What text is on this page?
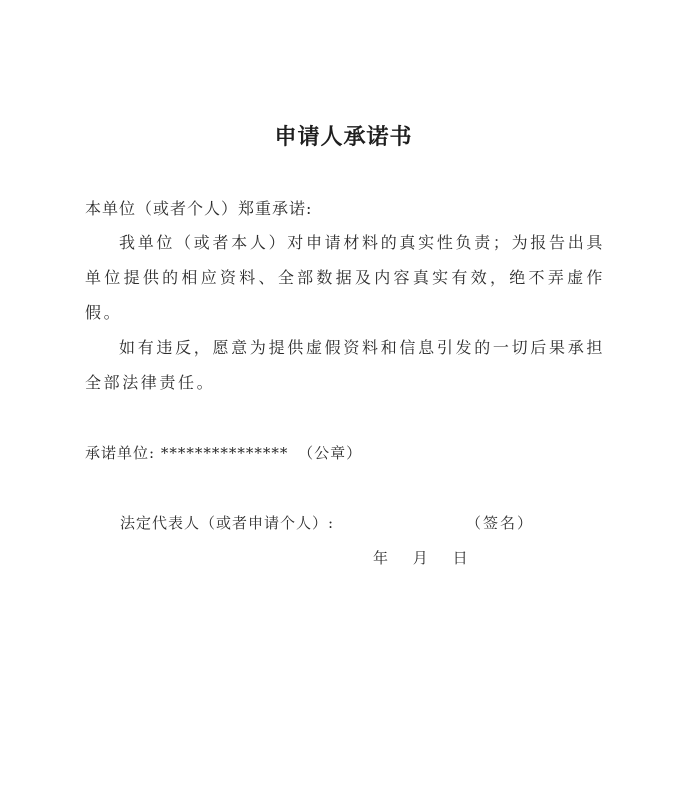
申请人承诺书
本单位（或者个人）郑重承诺:
我单位（或者本人）对申请材料的真实性负责；为报告出具单位提供的相应资料、全部数据及内容真实有效，绝不弄虚作假。
如有违反，愿意为提供虚假资料和信息引发的一切后果承担全部法律责任。
承诺单位: *************** （公章）
法定代表人（或者申请个人）:	（签名）
年 月 日
